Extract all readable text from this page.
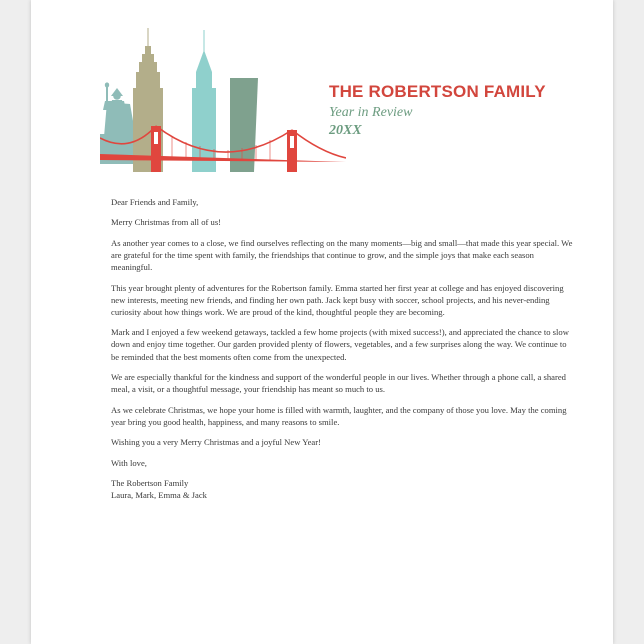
THE ROBERTSON FAMILY
Year in Review
20XX

Dear Friends and Family,

Merry Christmas from all of us!

As another year comes to a close, we find ourselves reflecting on the many moments—big and small—that made this year special. We are grateful for the time spent with family, the friendships that continue to grow, and the simple joys that make each season meaningful.

This year brought plenty of adventures for the Robertson family. Emma started her first year at college and has enjoyed discovering new interests, meeting new friends, and finding her own path. Jack kept busy with soccer, school projects, and his never-ending curiosity about how things work. We are proud of the kind, thoughtful people they are becoming.

Mark and I enjoyed a few weekend getaways, tackled a few home projects (with mixed success!), and appreciated the chance to slow down and enjoy time together. Our garden provided plenty of flowers, vegetables, and a few surprises along the way. We continue to be reminded that the best moments often come from the unexpected.

We are especially thankful for the kindness and support of the wonderful people in our lives. Whether through a phone call, a shared meal, a visit, or a thoughtful message, your friendship has meant so much to us.

As we celebrate Christmas, we hope your home is filled with warmth, laughter, and the company of those you love. May the coming year bring you good health, happiness, and many reasons to smile.

Wishing you a very Merry Christmas and a joyful New Year!

With love,

The Robertson Family
Laura, Mark, Emma & Jack
